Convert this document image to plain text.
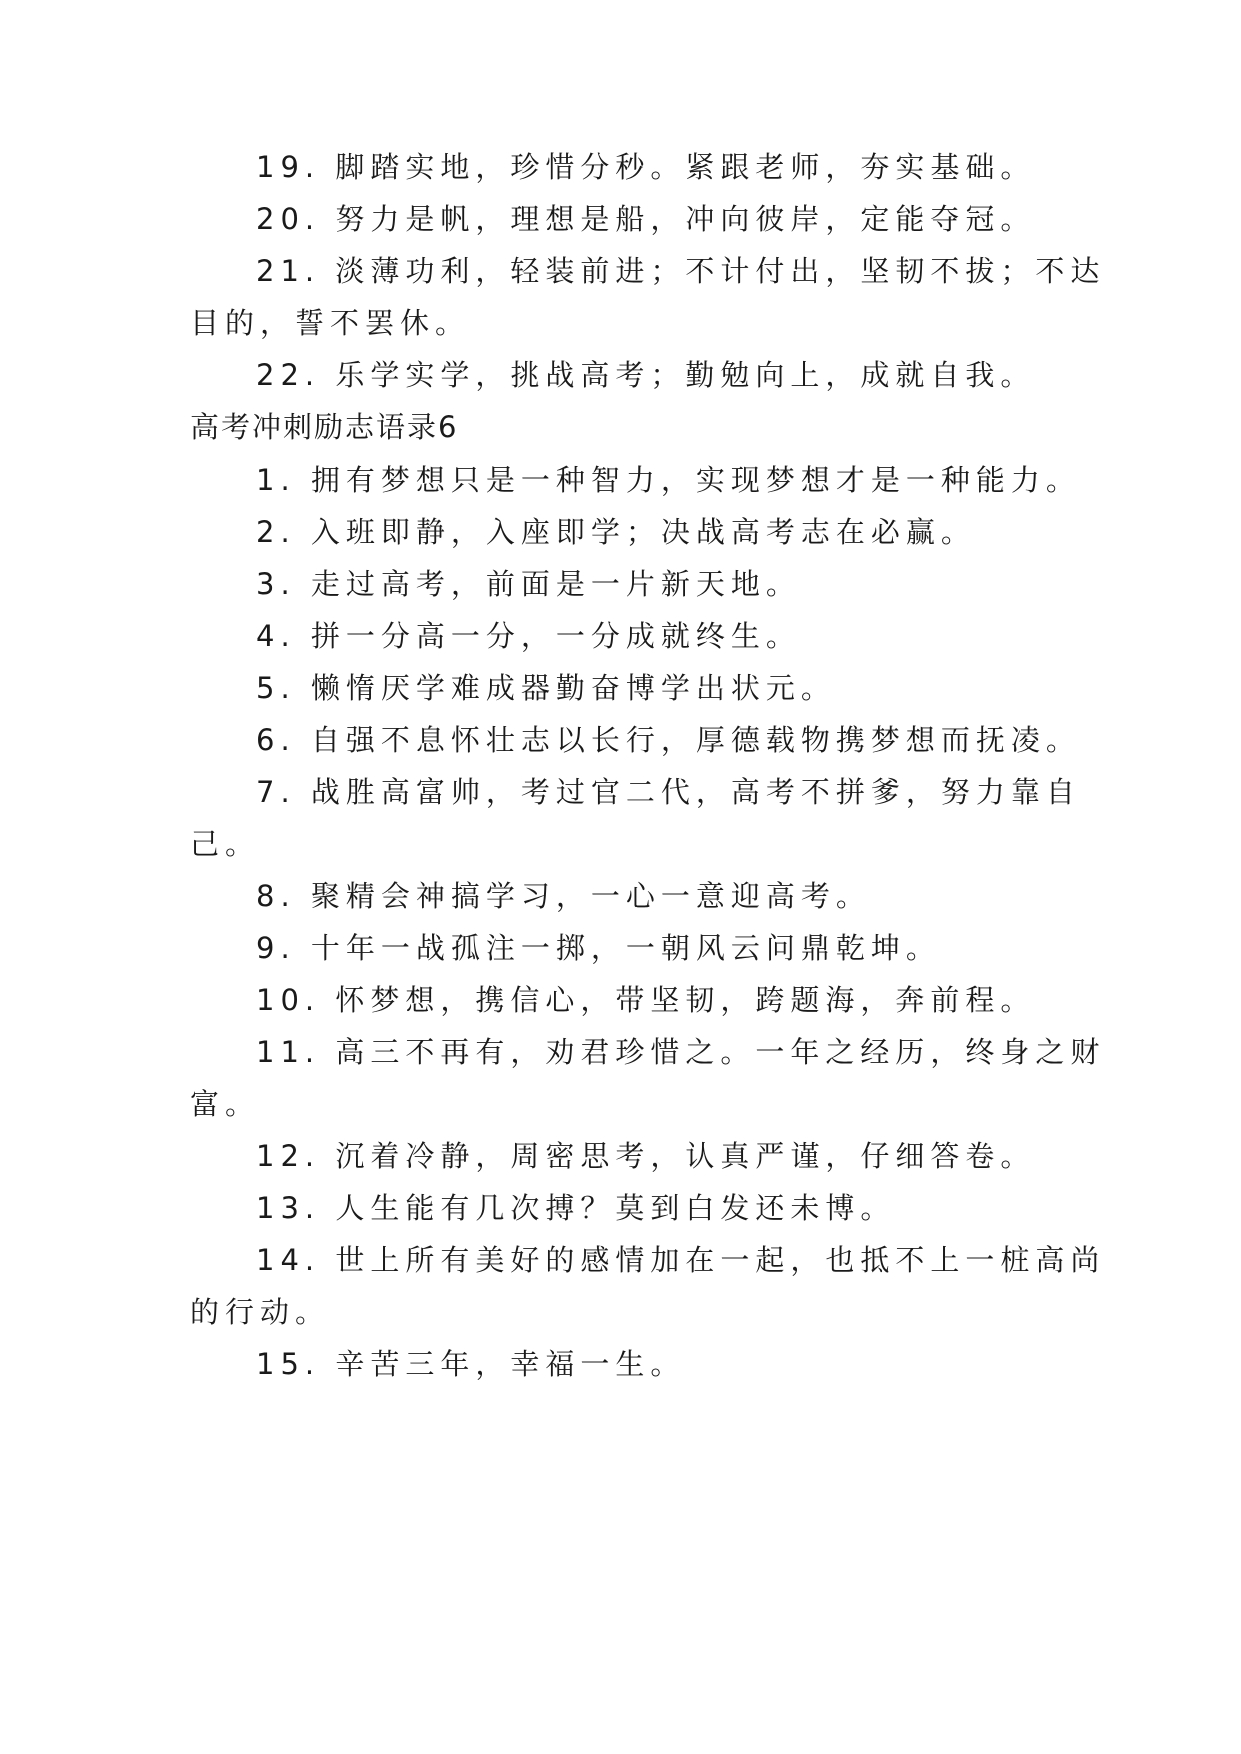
19. 脚踏实地，珍惜分秒。紧跟老师，夯实基础。
20. 努力是帆，理想是船，冲向彼岸，定能夺冠。
21. 淡薄功利，轻装前进；不计付出，坚韧不拔；不达
目的，誓不罢休。
22. 乐学实学，挑战高考；勤勉向上，成就自我。
高考冲刺励志语录6
1. 拥有梦想只是一种智力，实现梦想才是一种能力。
2. 入班即静，入座即学；决战高考志在必赢。
3. 走过高考，前面是一片新天地。
4. 拼一分高一分，一分成就终生。
5. 懒惰厌学难成器勤奋博学出状元。
6. 自强不息怀壮志以长行，厚德载物携梦想而抚凌。
7. 战胜高富帅，考过官二代，高考不拼爹，努力靠自
己。
8. 聚精会神搞学习，一心一意迎高考。
9. 十年一战孤注一掷，一朝风云问鼎乾坤。
10. 怀梦想，携信心，带坚韧，跨题海，奔前程。
11. 高三不再有，劝君珍惜之。一年之经历，终身之财
富。
12. 沉着冷静，周密思考，认真严谨，仔细答卷。
13. 人生能有几次搏？莫到白发还未博。
14. 世上所有美好的感情加在一起，也抵不上一桩高尚
的行动。
15. 辛苦三年，幸福一生。
